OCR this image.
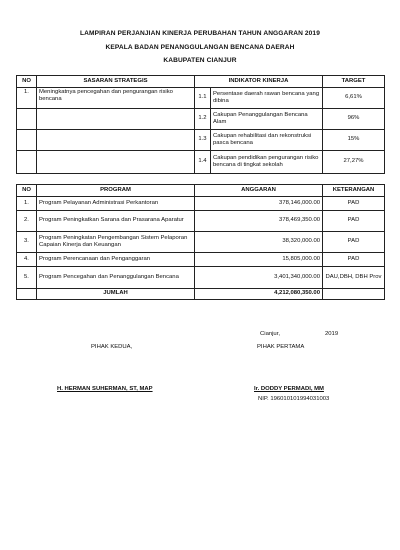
LAMPIRAN PERJANJIAN KINERJA PERUBAHAN TAHUN ANGGARAN 2019
KEPALA BADAN PENANGGULANGAN BENCANA DAERAH
KABUPATEN CIANJUR
NO	SASARAN STRATEGIS	INDIKATOR KINERJA		TARGET
1.	Meningkatnya pencegahan dan pengurangan risiko bencana	1.1	Persentase daerah rawan bencana yang dibina	6,61%
		1.2	Cakupan Penanggulangan Bencana Alam	96%
		1.3	Cakupan rehabilitasi dan rekonstruksi pasca bencana	15%
		1.4	Cakupan pendidikan pengurangan risiko bencana di tingkat sekolah	27,27%
NO	PROGRAM	ANGGARAN	KETERANGAN
1.	Program Pelayanan Administrasi Perkantoran	378,146,000.00	PAD
2.	Program Peningkatkan Sarana dan Prasarana Aparatur	378,469,350.00	PAD
3.	Program Peningkatan Pengembangan Sistem Pelaporan Capaian Kinerja dan Keuangan	38,320,000.00	PAD
4.	Program Perencanaan dan Penganggaran	15,805,000.00	PAD
5.	Program Pencegahan dan Penanggulangan Bencana	3,401,340,000.00	DAU,DBH, DBH Prov
	JUMLAH	4,212,080,350.00	
Cianjur,	2019
PIHAK KEDUA,	PIHAK PERTAMA
H. HERMAN SUHERMAN, ST, MAP	Ir. DODDY PERMADI, MM
NIP. 196010101994031003
